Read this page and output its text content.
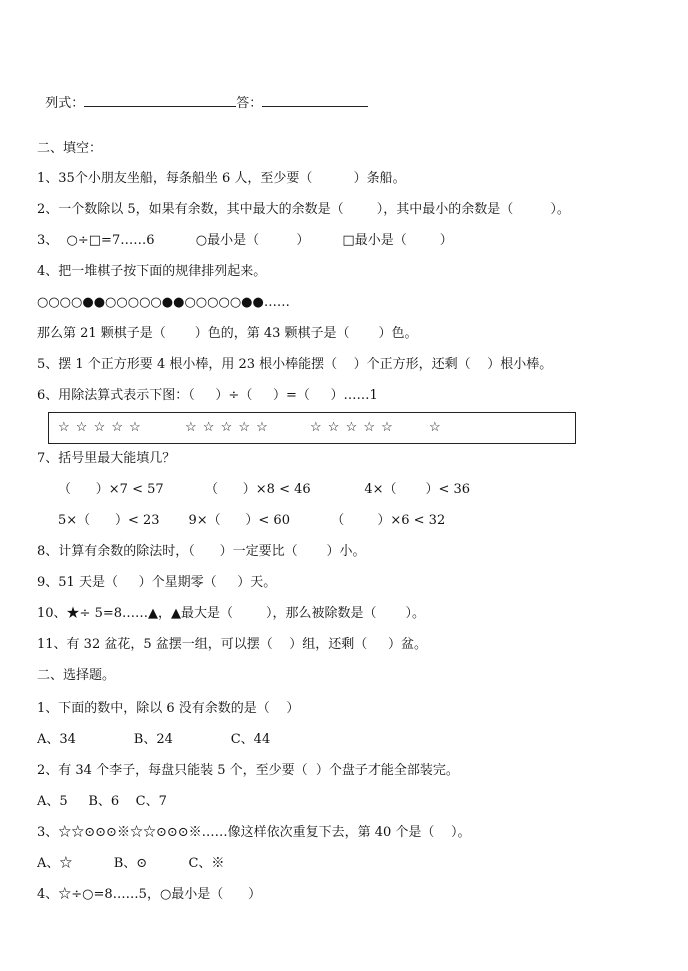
列式：	答：

二、填空：
1、35个小朋友坐船，每条船坐 6 人，至少要（          ）条船。
2、一个数除以 5，如果有余数，其中最大的余数是（        ），其中最小的余数是（         ）。
3、  ○÷□=7……6          ○最小是（         ）        □最小是（        ）
4、把一堆棋子按下面的规律排列起来。
○○○○●●○○○○○●●○○○○○●●……
那么第 21 颗棋子是（       ）色的，第 43 颗棋子是（       ）色。
5、摆 1 个正方形要 4 根小棒，用 23 根小棒能摆（    ）个正方形，还剩（    ）根小棒。
6、用除法算式表示下图：（     ）÷（     ）=（     ）……1
☆ ☆ ☆ ☆ ☆	☆ ☆ ☆ ☆ ☆	☆ ☆ ☆ ☆ ☆	☆
7、括号里最大能填几？
（      ）×7 < 57          （      ）×8 < 46             4×（       ）< 36
5×（      ）< 23       9×（      ）< 60          （        ）×6 < 32
8、计算有余数的除法时，（      ）一定要比（       ）小。
9、51 天是（     ）个星期零（     ）天。
10、★÷ 5=8……▲，▲最大是（        ），那么被除数是（       ）。
11、有 32 盆花，5 盆摆一组，可以摆（    ）组，还剩（     ）盆。
二、选择题。
1、下面的数中，除以 6 没有余数的是（    ）
A、34              B、24              C、44
2、有 34 个李子，每盘只能装 5 个，至少要（  ）个盘子才能全部装完。
A、5     B、6    C、7
3、☆☆⊙⊙⊙※☆☆⊙⊙⊙※……像这样依次重复下去，第 40 个是（    ）。
A、☆          B、⊙          C、※
4、☆÷○=8……5，○最小是（      ）
